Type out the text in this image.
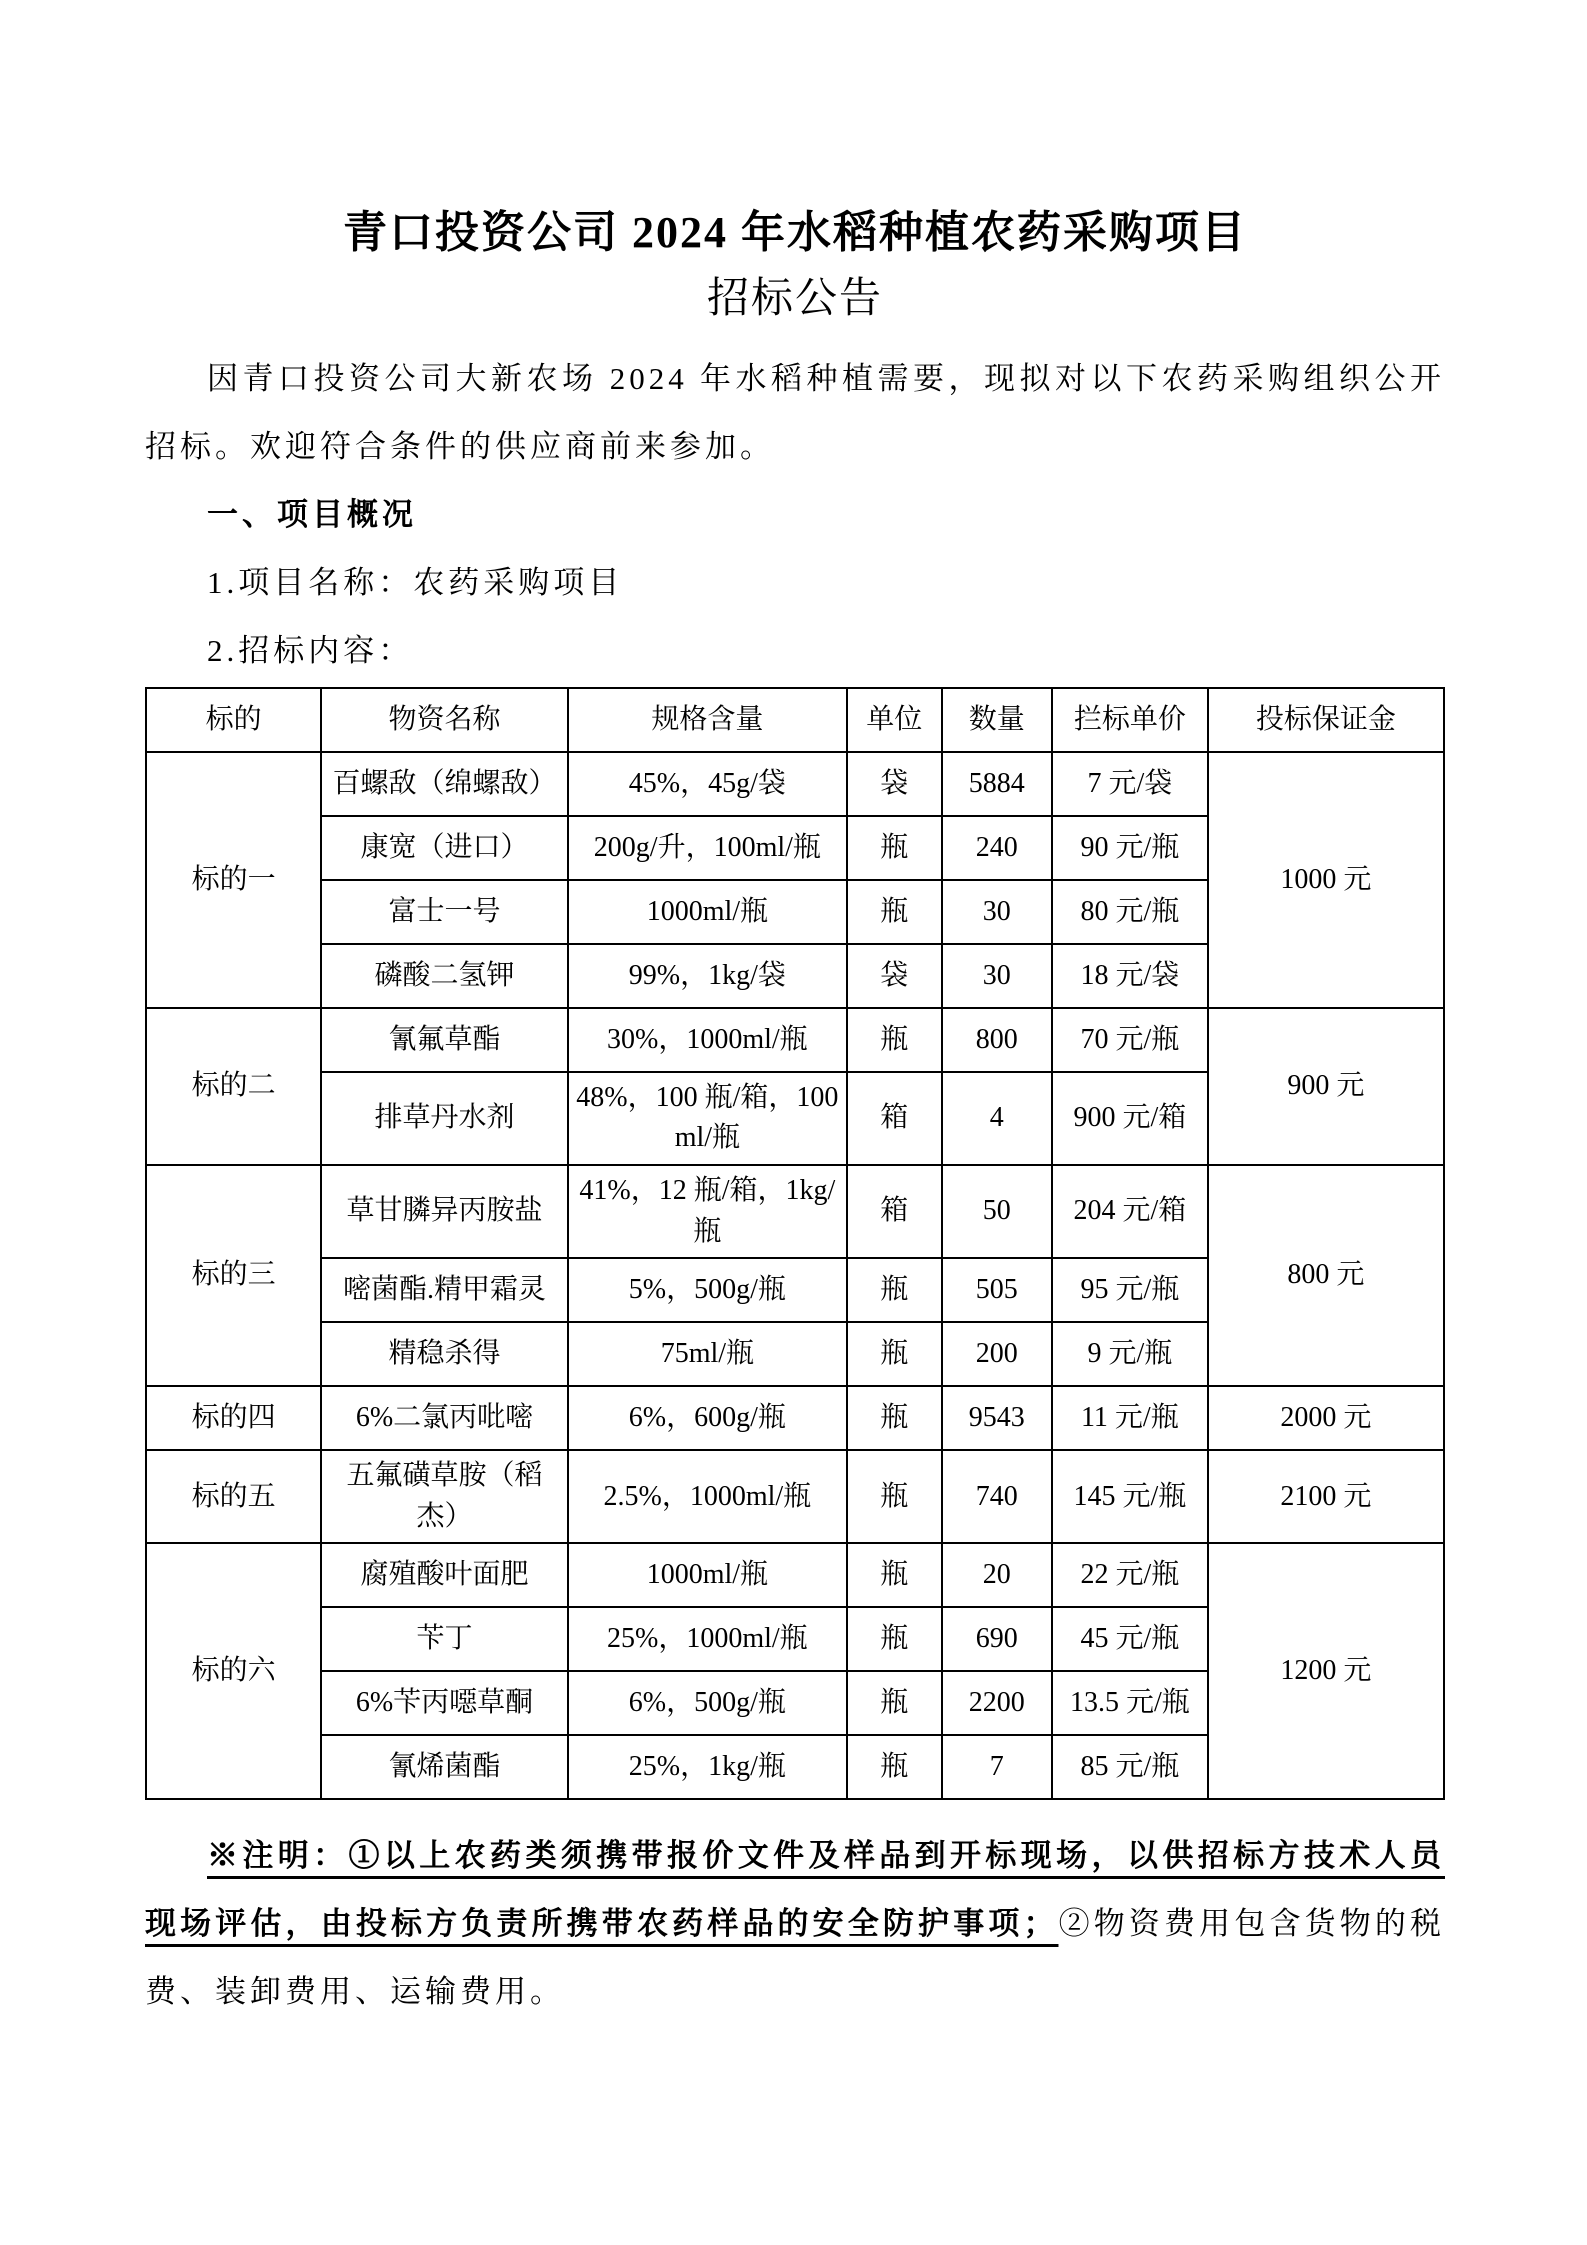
青口投资公司 2024 年水稻种植农药采购项目
招标公告

因青口投资公司大新农场 2024 年水稻种植需要，现拟对以下农药采购组织公开招标。欢迎符合条件的供应商前来参加。

一、项目概况

1.项目名称：农药采购项目

2.招标内容：

标的	物资名称	规格含量	单位	数量	拦标单价	投标保证金
标的一	百螺敌（绵螺敌）	45%，45g/袋	袋	5884	7 元/袋	1000 元
	康宽（进口）	200g/升，100ml/瓶	瓶	240	90 元/瓶	
	富士一号	1000ml/瓶	瓶	30	80 元/瓶	
	磷酸二氢钾	99%，1kg/袋	袋	30	18 元/袋	
标的二	氰氟草酯	30%，1000ml/瓶	瓶	800	70 元/瓶	900 元
	排草丹水剂	48%，100 瓶/箱，100ml/瓶	箱	4	900 元/箱	
标的三	草甘膦异丙胺盐	41%，12 瓶/箱，1kg/瓶	箱	50	204 元/箱	800 元
	嘧菌酯.精甲霜灵	5%，500g/瓶	瓶	505	95 元/瓶	
	精稳杀得	75ml/瓶	瓶	200	9 元/瓶	
标的四	6%二氯丙吡嘧	6%，600g/瓶	瓶	9543	11 元/瓶	2000 元
标的五	五氟磺草胺（稻杰）	2.5%，1000ml/瓶	瓶	740	145 元/瓶	2100 元
标的六	腐殖酸叶面肥	1000ml/瓶	瓶	20	22 元/瓶	1200 元
	苄丁	25%，1000ml/瓶	瓶	690	45 元/瓶	
	6%苄丙噁草酮	6%，500g/瓶	瓶	2200	13.5 元/瓶	
	氰烯菌酯	25%，1kg/瓶	瓶	7	85 元/瓶	

※注明：①以上农药类须携带报价文件及样品到开标现场，以供招标方技术人员现场评估，由投标方负责所携带农药样品的安全防护事项；②物资费用包含货物的税费、装卸费用、运输费用。
